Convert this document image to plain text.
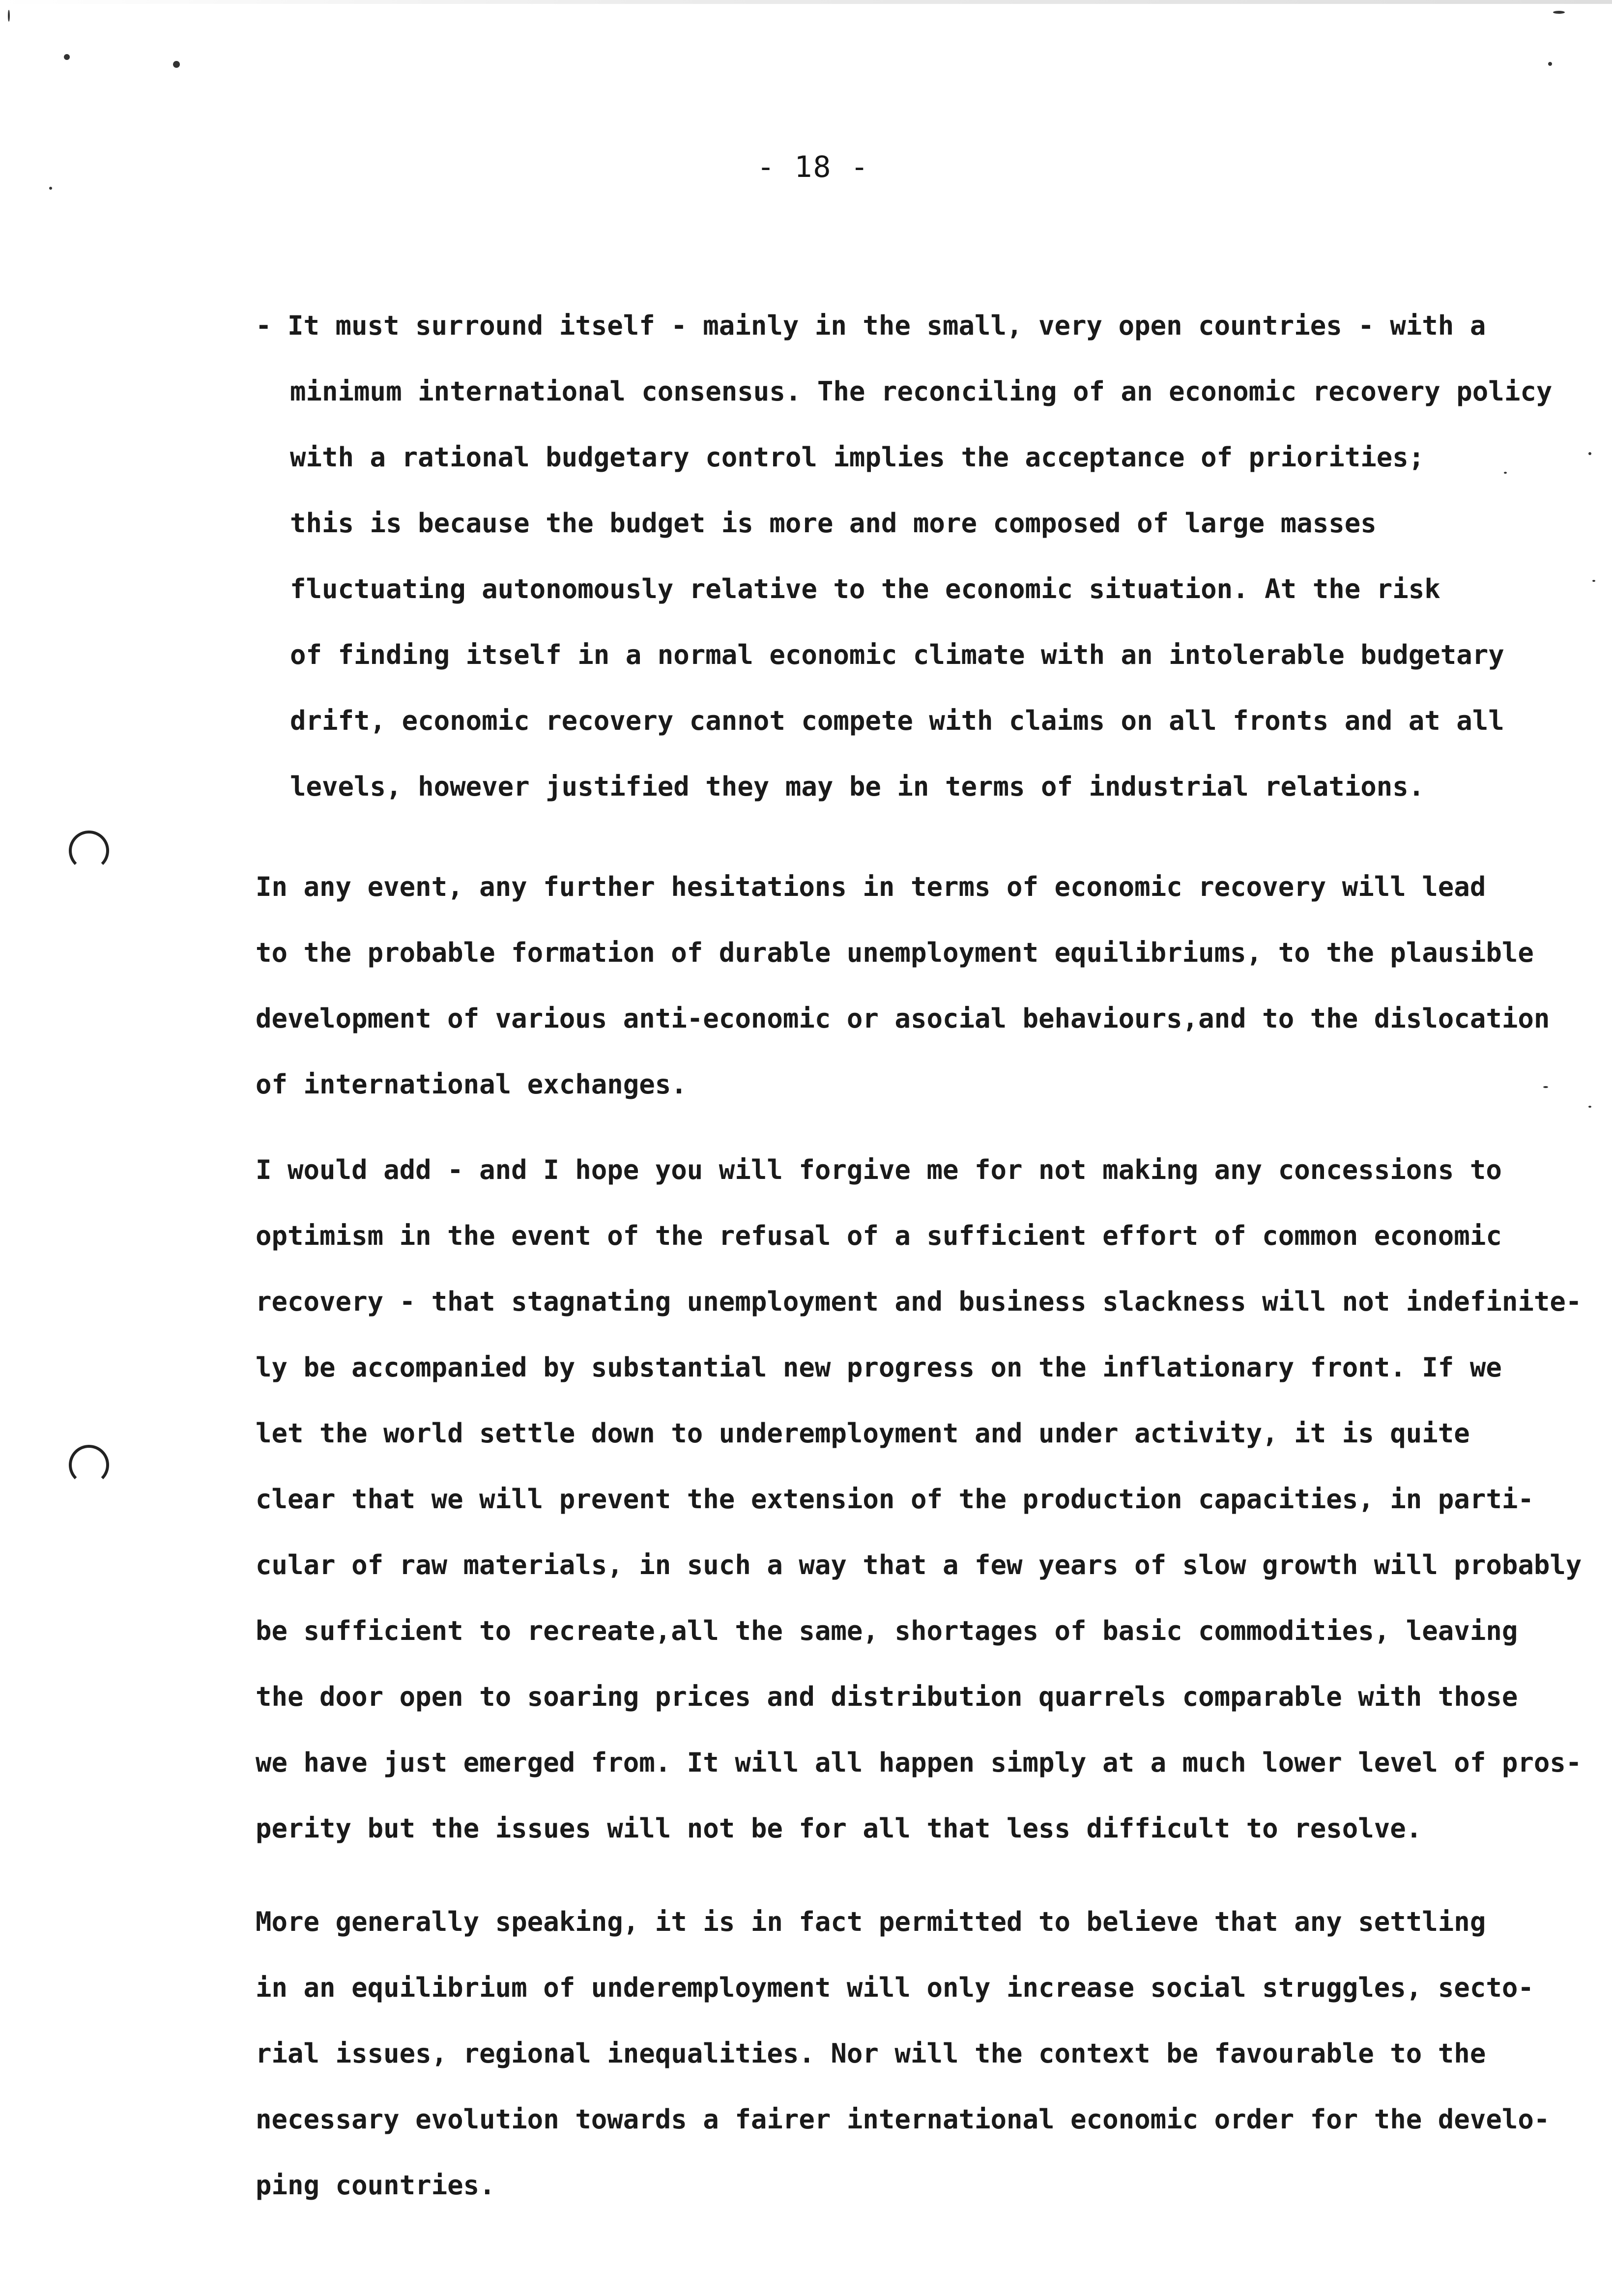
- 18 -
- It must surround itself - mainly in the small, very open countries - with a
minimum international consensus. The reconciling of an economic recovery policy
with a rational budgetary control implies the acceptance of priorities;
this is because the budget is more and more composed of large masses
fluctuating autonomously relative to the economic situation. At the risk
of finding itself in a normal economic climate with an intolerable budgetary
drift, economic recovery cannot compete with claims on all fronts and at all
levels, however justified they may be in terms of industrial relations.
In any event, any further hesitations in terms of economic recovery will lead
to the probable formation of durable unemployment equilibriums, to the plausible
development of various anti-economic or asocial behaviours,and to the dislocation
of international exchanges.
I would add - and I hope you will forgive me for not making any concessions to
optimism in the event of the refusal of a sufficient effort of common economic
recovery - that stagnating unemployment and business slackness will not indefinite-
ly be accompanied by substantial new progress on the inflationary front. If we
let the world settle down to underemployment and under activity, it is quite
clear that we will prevent the extension of the production capacities, in parti-
cular of raw materials, in such a way that a few years of slow growth will probably
be sufficient to recreate,all the same, shortages of basic commodities, leaving
the door open to soaring prices and distribution quarrels comparable with those
we have just emerged from. It will all happen simply at a much lower level of pros-
perity but the issues will not be for all that less difficult to resolve.
More generally speaking, it is in fact permitted to believe that any settling
in an equilibrium of underemployment will only increase social struggles, secto-
rial issues, regional inequalities. Nor will the context be favourable to the
necessary evolution towards a fairer international economic order for the develo-
ping countries.
